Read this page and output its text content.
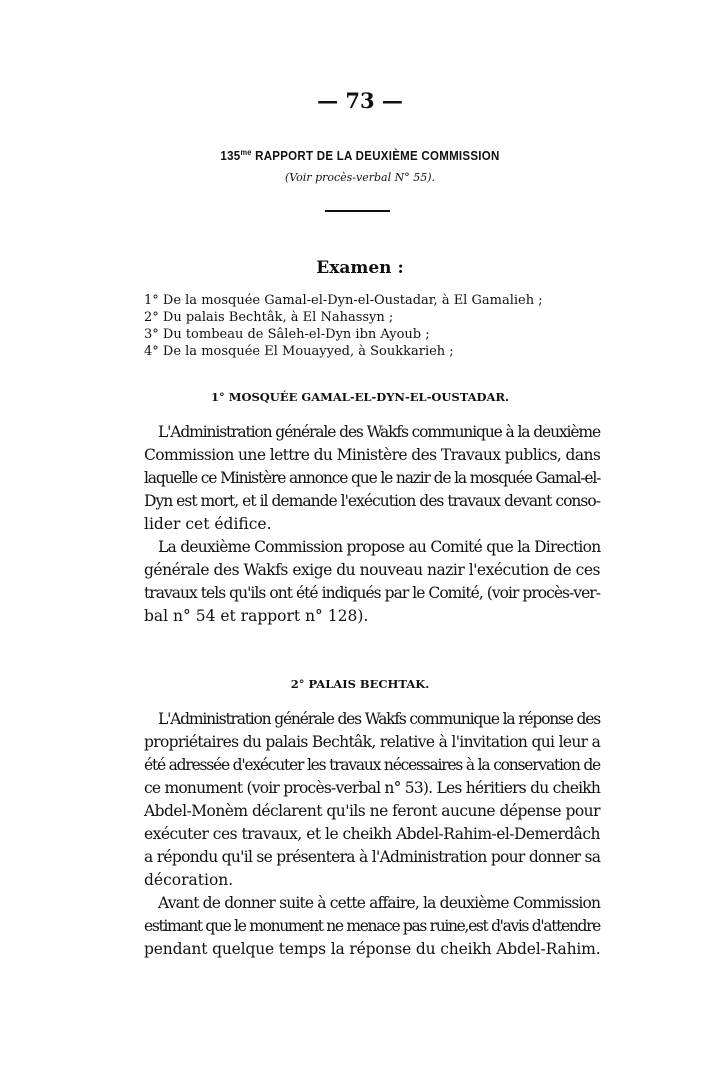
— 73 —
$135^{me}$ RAPPORT DE LA DEUXIÈME COMMISSION
(Voir procès-verbal N° 55).
Examen :
1° De la mosquée Gamal-el-Dyn-el-Oustadar, à El Gamalieh ;
2° Du palais Bechtâk, à El Nahassyn ;
3° Du tombeau de Sâleh-el-Dyn ibn Ayoub ;
4° De la mosquée El Mouayyed, à Soukkarieh ;
1° MOSQUÉE GAMAL-EL-DYN-EL-OUSTADAR.
L'Administration générale des Wakfs communique à la deuxième
Commission une lettre du Ministère des Travaux publics, dans
laquelle ce Ministère annonce que le nazir de la mosquée Gamal-el-
Dyn est mort, et il demande l'exécution des travaux devant conso-
lider cet édifice.
La deuxième Commission propose au Comité que la Direction
générale des Wakfs exige du nouveau nazir l'exécution de ces
travaux tels qu'ils ont été indiqués par le Comité, (voir procès-ver-
bal n° 54 et rapport n° 128).
2° PALAIS BECHTAK.
L'Administration générale des Wakfs communique la réponse des
propriétaires du palais Bechtâk, relative à l'invitation qui leur a
été adressée d'exécuter les travaux nécessaires à la conservation de
ce monument (voir procès-verbal n° 53). Les héritiers du cheikh
Abdel-Monèm déclarent qu'ils ne feront aucune dépense pour
exécuter ces travaux, et le cheikh Abdel-Rahim-el-Demerdâch
a répondu qu'il se présentera à l'Administration pour donner sa
décoration.
Avant de donner suite à cette affaire, la deuxième Commission
estimant que le monument ne menace pas ruine,est d'avis d'attendre
pendant quelque temps la réponse du cheikh Abdel-Rahim.
